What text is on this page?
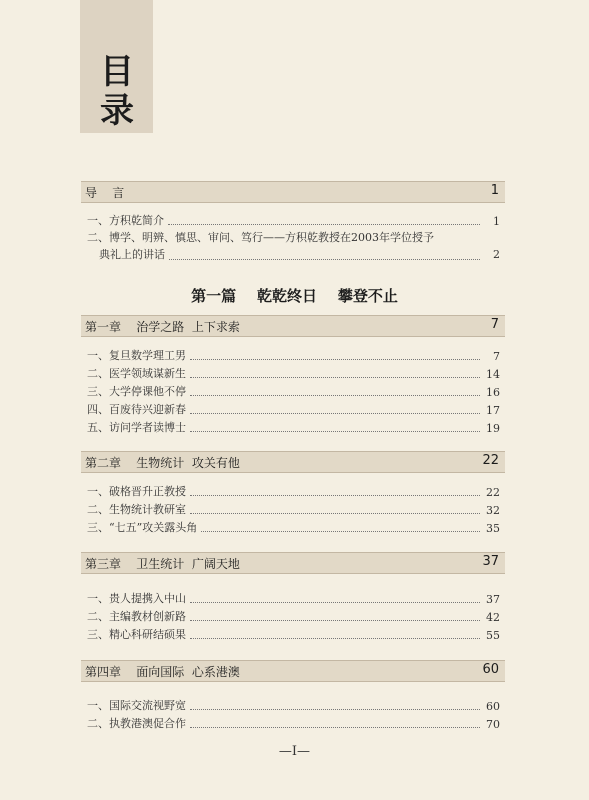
目
录
导    言	1
一、方积乾简介	1
二、博学、明辨、慎思、审问、笃行——方积乾教授在2003年学位授予
典礼上的讲话	2
第一篇    乾乾终日    攀登不止
第一章    治学之路  上下求索	7
一、复旦数学理工男	7
二、医学领域谋新生	14
三、大学停课他不停	16
四、百废待兴迎新春	17
五、访问学者读博士	19
第二章    生物统计  攻关有他	22
一、破格晋升正教授	22
二、生物统计教研室	32
三、“七五”攻关露头角	35
第三章    卫生统计  广阔天地	37
一、贵人提携入中山	37
二、主编教材创新路	42
三、精心科研结硕果	55
第四章    面向国际  心系港澳	60
一、国际交流视野宽	60
二、执教港澳促合作	70
—I—
